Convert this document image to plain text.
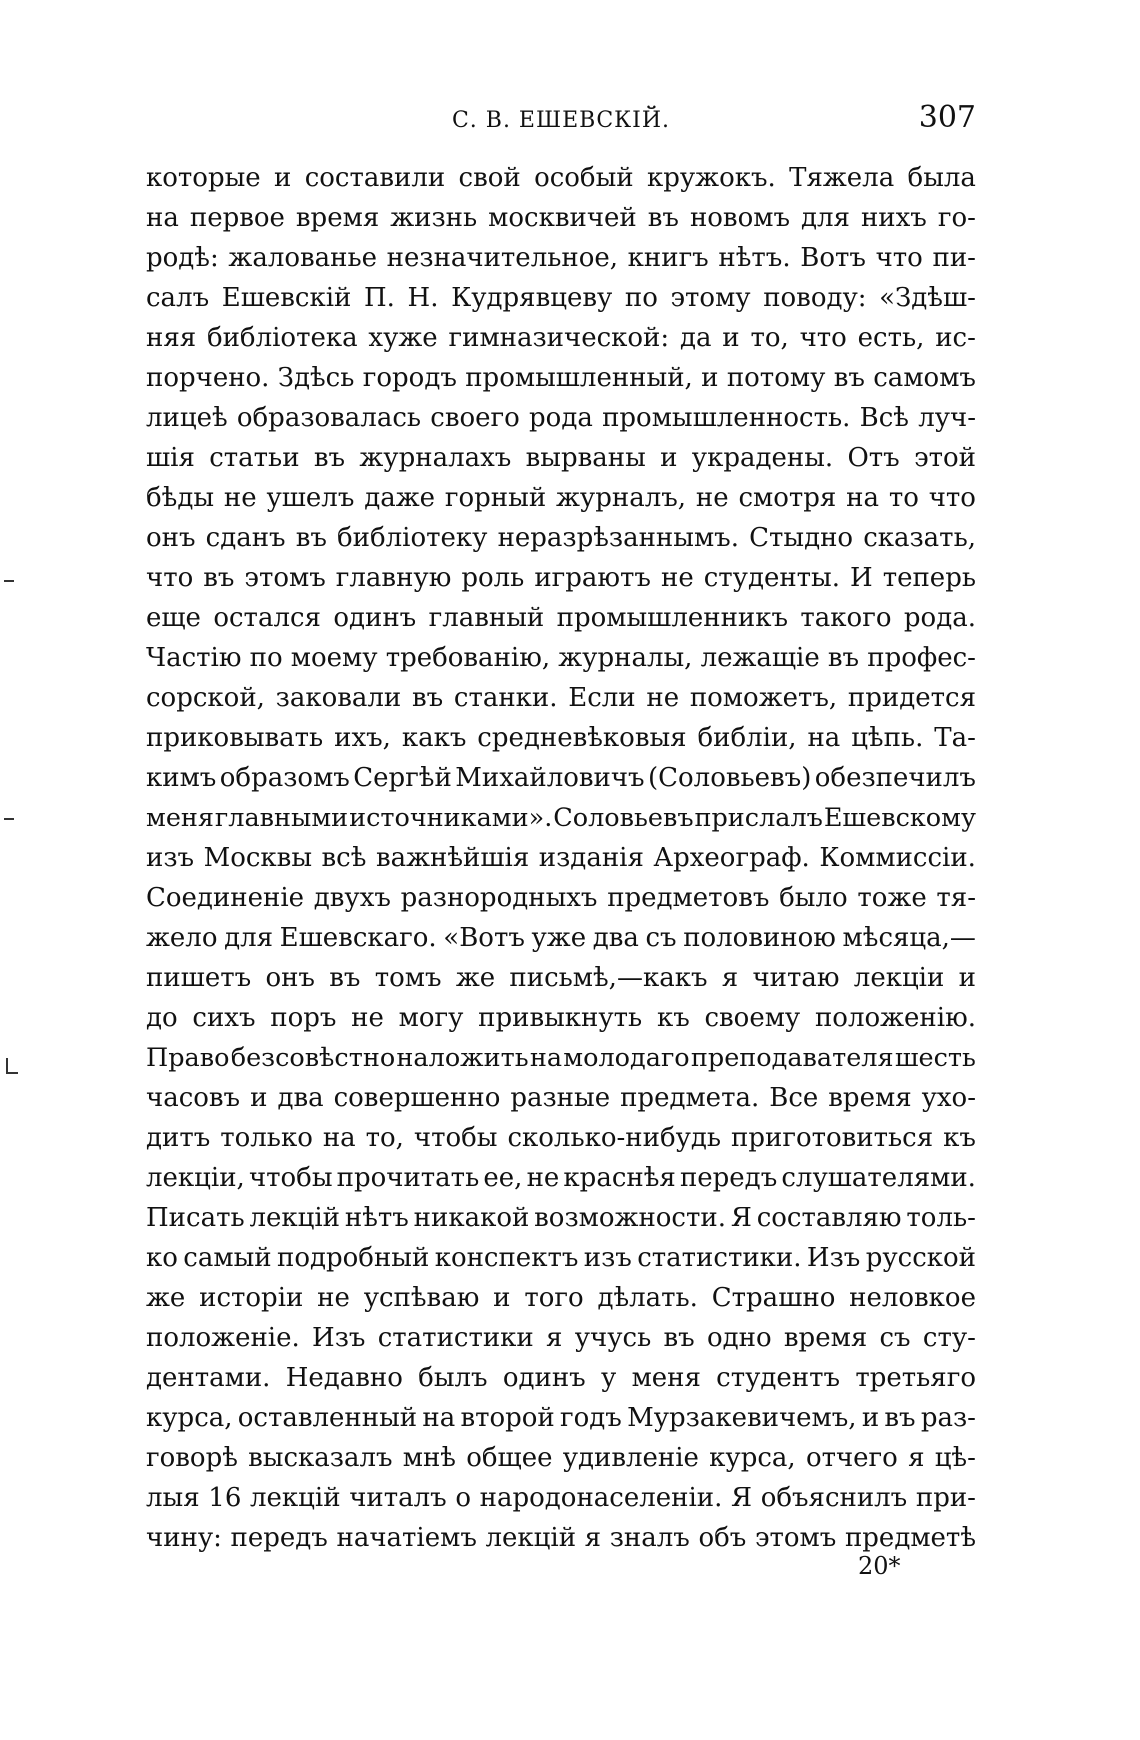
С. В. ЕШЕВСКІЙ.	307
которые и составили свой особый кружокъ. Тяжела была
на первое время жизнь москвичей въ новомъ для нихъ го-
родѣ: жалованье незначительное, книгъ нѣтъ. Вотъ что пи-
салъ Ешевскій П. Н. Кудрявцеву по этому поводу: «Здѣш-
няя библіотека хуже гимназической: да и то, что есть, ис-
порчено. Здѣсь городъ промышленный, и потому въ самомъ
лицеѣ образовалась своего рода промышленность. Всѣ луч-
шія статьи въ журналахъ вырваны и украдены. Отъ этой
бѣды не ушелъ даже горный журналъ, не смотря на то что
онъ сданъ въ библіотеку неразрѣзаннымъ. Стыдно сказать,
что въ этомъ главную роль играютъ не студенты. И теперь
еще остался одинъ главный промышленникъ такого рода.
Частію по моему требованію, журналы, лежащіе въ профес-
сорской, заковали въ станки. Если не поможетъ, придется
приковывать ихъ, какъ средневѣковыя библіи, на цѣпь. Та-
кимъ образомъ Сергѣй Михайловичъ (Соловьевъ) обезпечилъ
меня главными источниками». Соловьевъ прислалъ Ешевскому
изъ Москвы всѣ важнѣйшія изданія Археограф. Коммиссіи.
Соединеніе двухъ разнородныхъ предметовъ было тоже тя-
жело для Ешевскаго. «Вотъ уже два съ половиною мѣсяца,—
пишетъ онъ въ томъ же письмѣ,—какъ я читаю лекціи и
до сихъ поръ не могу привыкнуть къ своему положенію.
Право безсовѣстно наложить на молодаго преподавателя шесть
часовъ и два совершенно разные предмета. Все время ухо-
дитъ только на то, чтобы сколько-нибудь приготовиться къ
лекціи, чтобы прочитать ее, не краснѣя передъ слушателями.
Писать лекцій нѣтъ никакой возможности. Я составляю толь-
ко самый подробный конспектъ изъ статистики. Изъ русской
же исторіи не успѣваю и того дѣлать. Страшно неловкое
положеніе. Изъ статистики я учусь въ одно время съ сту-
дентами. Недавно былъ одинъ у меня студентъ третьяго
курса, оставленный на второй годъ Мурзакевичемъ, и въ раз-
говорѣ высказалъ мнѣ общее удивленіе курса, отчего я цѣ-
лыя 16 лекцій читалъ о народонаселеніи. Я объяснилъ при-
чину: передъ начатіемъ лекцій я зналъ объ этомъ предметѣ
20*
